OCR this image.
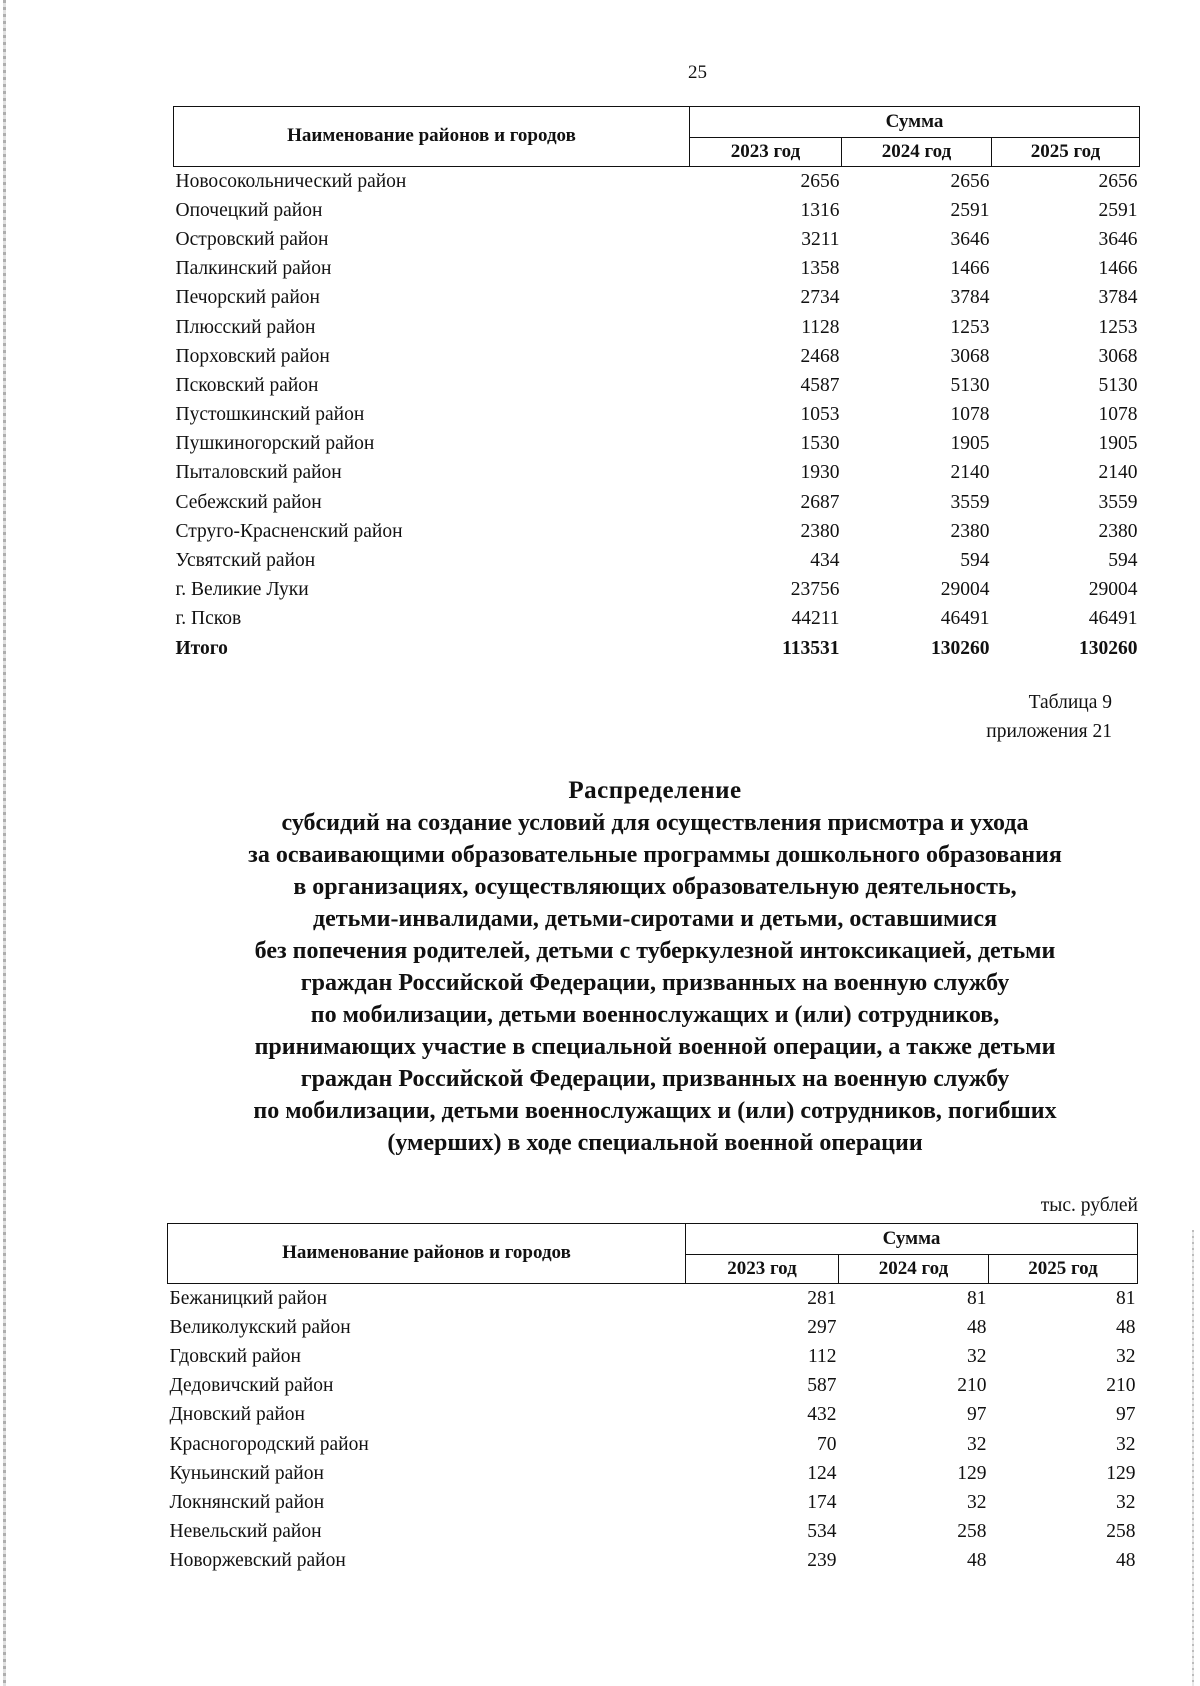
25
Наименование районов и городов	Сумма		
	2023 год	2024 год	2025 год
Новосокольнический район	2656	2656	2656
Опочецкий район	1316	2591	2591
Островский район	3211	3646	3646
Палкинский район	1358	1466	1466
Печорский район	2734	3784	3784
Плюсский район	1128	1253	1253
Порховский район	2468	3068	3068
Псковский район	4587	5130	5130
Пустошкинский район	1053	1078	1078
Пушкиногорский район	1530	1905	1905
Пыталовский район	1930	2140	2140
Себежский район	2687	3559	3559
Струго-Красненский район	2380	2380	2380
Усвятский район	434	594	594
г. Великие Луки	23756	29004	29004
г. Псков	44211	46491	46491
Итого	113531	130260	130260
Таблица 9
приложения 21
Распределение
субсидий на создание условий для осуществления присмотра и ухода
за осваивающими образовательные программы дошкольного образования
в организациях, осуществляющих образовательную деятельность,
детьми-инвалидами, детьми-сиротами и детьми, оставшимися
без попечения родителей, детьми с туберкулезной интоксикацией, детьми
граждан Российской Федерации, призванных на военную службу
по мобилизации, детьми военнослужащих и (или) сотрудников,
принимающих участие в специальной военной операции, а также детьми
граждан Российской Федерации, призванных на военную службу
по мобилизации, детьми военнослужащих и (или) сотрудников, погибших
(умерших) в ходе специальной военной операции
тыс. рублей
Наименование районов и городов	Сумма		
	2023 год	2024 год	2025 год
Бежаницкий район	281	81	81
Великолукский район	297	48	48
Гдовский район	112	32	32
Дедовичский район	587	210	210
Дновский район	432	97	97
Красногородский район	70	32	32
Куньинский район	124	129	129
Локнянский район	174	32	32
Невельский район	534	258	258
Новоржевский район	239	48	48
